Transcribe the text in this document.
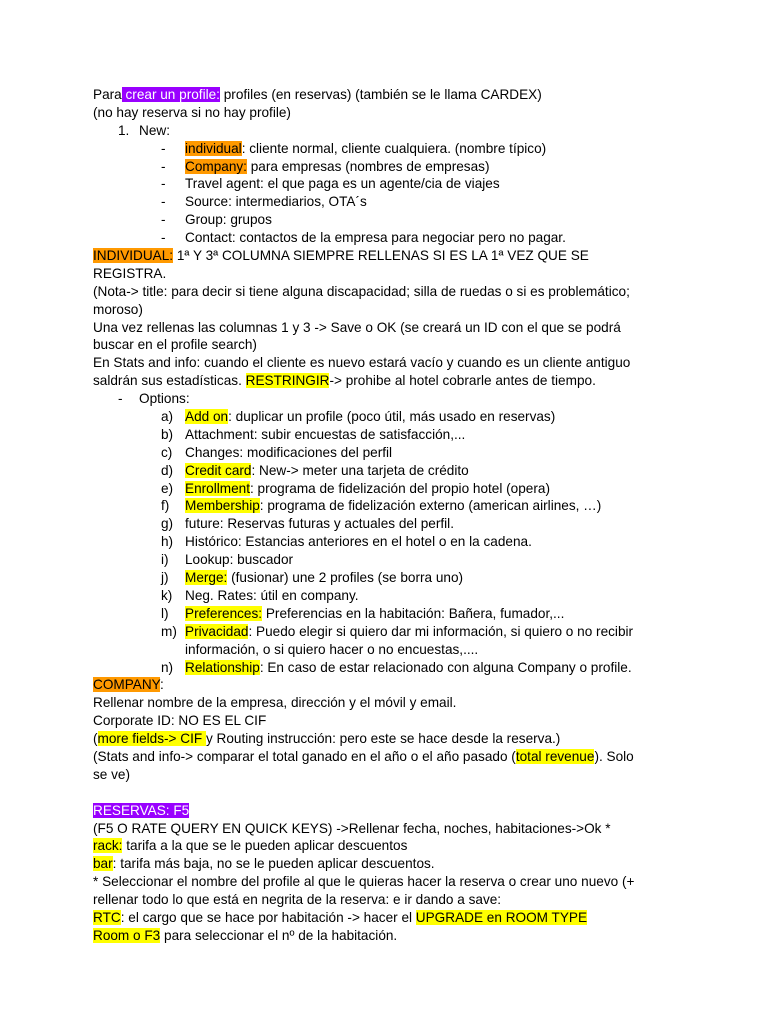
Para crear un profile: profiles (en reservas) (también se le llama CARDEX)
(no hay reserva si no hay profile)
1. New:
- individual: cliente normal, cliente cualquiera. (nombre típico)
- Company: para empresas (nombres de empresas)
- Travel agent: el que paga es un agente/cia de viajes
- Source: intermediarios, OTA´s
- Group: grupos
- Contact: contactos de la empresa para negociar pero no pagar.
INDIVIDUAL: 1ª Y 3ª COLUMNA SIEMPRE RELLENAS SI ES LA 1ª VEZ QUE SE
REGISTRA.
(Nota-> title: para decir si tiene alguna discapacidad; silla de ruedas o si es problemático;
moroso)
Una vez rellenas las columnas 1 y 3 -> Save o OK (se creará un ID con el que se podrá
buscar en el profile search)
En Stats and info: cuando el cliente es nuevo estará vacío y cuando es un cliente antiguo
saldrán sus estadísticas. RESTRINGIR-> prohibe al hotel cobrarle antes de tiempo.
- Options:
a) Add on: duplicar un profile (poco útil, más usado en reservas)
b) Attachment: subir encuestas de satisfacción,...
c) Changes: modificaciones del perfil
d) Credit card: New-> meter una tarjeta de crédito
e) Enrollment: programa de fidelización del propio hotel (opera)
f) Membership: programa de fidelización externo (american airlines, …)
g) future: Reservas futuras y actuales del perfil.
h) Histórico: Estancias anteriores en el hotel o en la cadena.
i) Lookup: buscador
j) Merge: (fusionar) une 2 profiles (se borra uno)
k) Neg. Rates: útil en company.
l) Preferences: Preferencias en la habitación: Bañera, fumador,...
m) Privacidad: Puedo elegir si quiero dar mi información, si quiero o no recibir
información, o si quiero hacer o no encuestas,....
n) Relationship: En caso de estar relacionado con alguna Company o profile.
COMPANY:
Rellenar nombre de la empresa, dirección y el móvil y email.
Corporate ID: NO ES EL CIF
(more fields-> CIF y Routing instrucción: pero este se hace desde la reserva.)
(Stats and info-> comparar el total ganado en el año o el año pasado (total revenue). Solo
se ve)
RESERVAS: F5
(F5 O RATE QUERY EN QUICK KEYS) ->Rellenar fecha, noches, habitaciones->Ok *
rack: tarifa a la que se le pueden aplicar descuentos
bar: tarifa más baja, no se le pueden aplicar descuentos.
* Seleccionar el nombre del profile al que le quieras hacer la reserva o crear uno nuevo (+
rellenar todo lo que está en negrita de la reserva: e ir dando a save:
RTC: el cargo que se hace por habitación -> hacer el UPGRADE en ROOM TYPE
Room o F3 para seleccionar el nº de la habitación.
